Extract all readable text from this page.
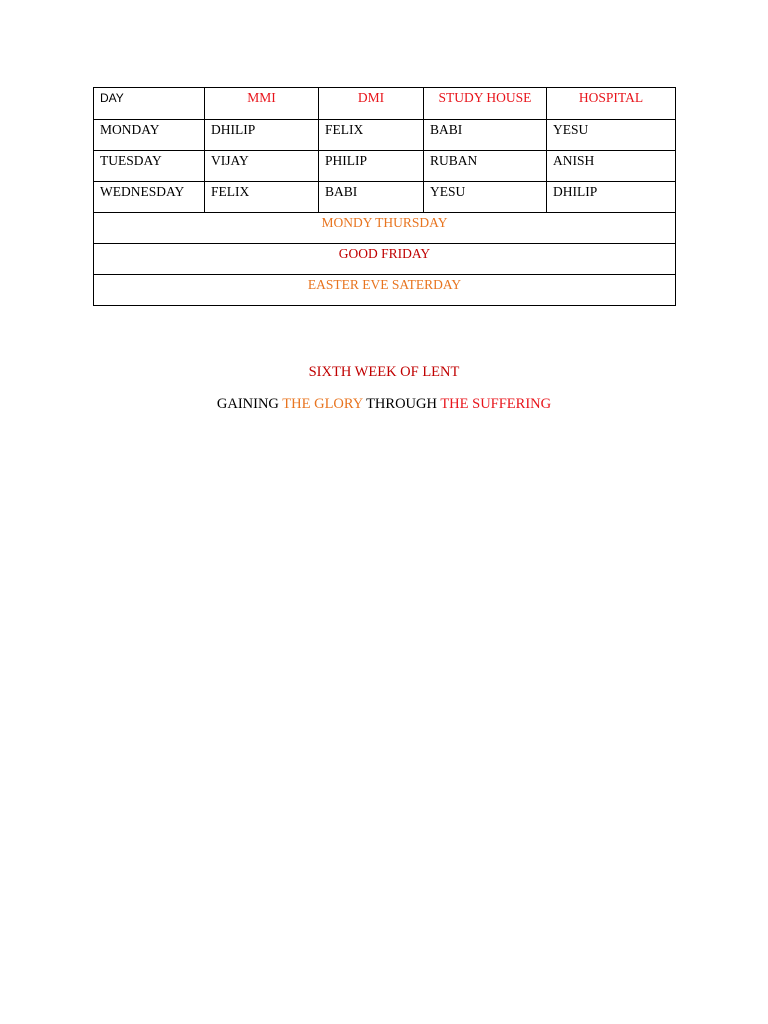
DAY	MMI	DMI	STUDY HOUSE	HOSPITAL
MONDAY	DHILIP	FELIX	BABI	YESU
TUESDAY	VIJAY	PHILIP	RUBAN	ANISH
WEDNESDAY	FELIX	BABI	YESU	DHILIP
MONDY THURSDAY				
GOOD FRIDAY				
EASTER EVE SATERDAY				
SIXTH WEEK OF LENT
GAINING THE GLORY THROUGH THE SUFFERING
